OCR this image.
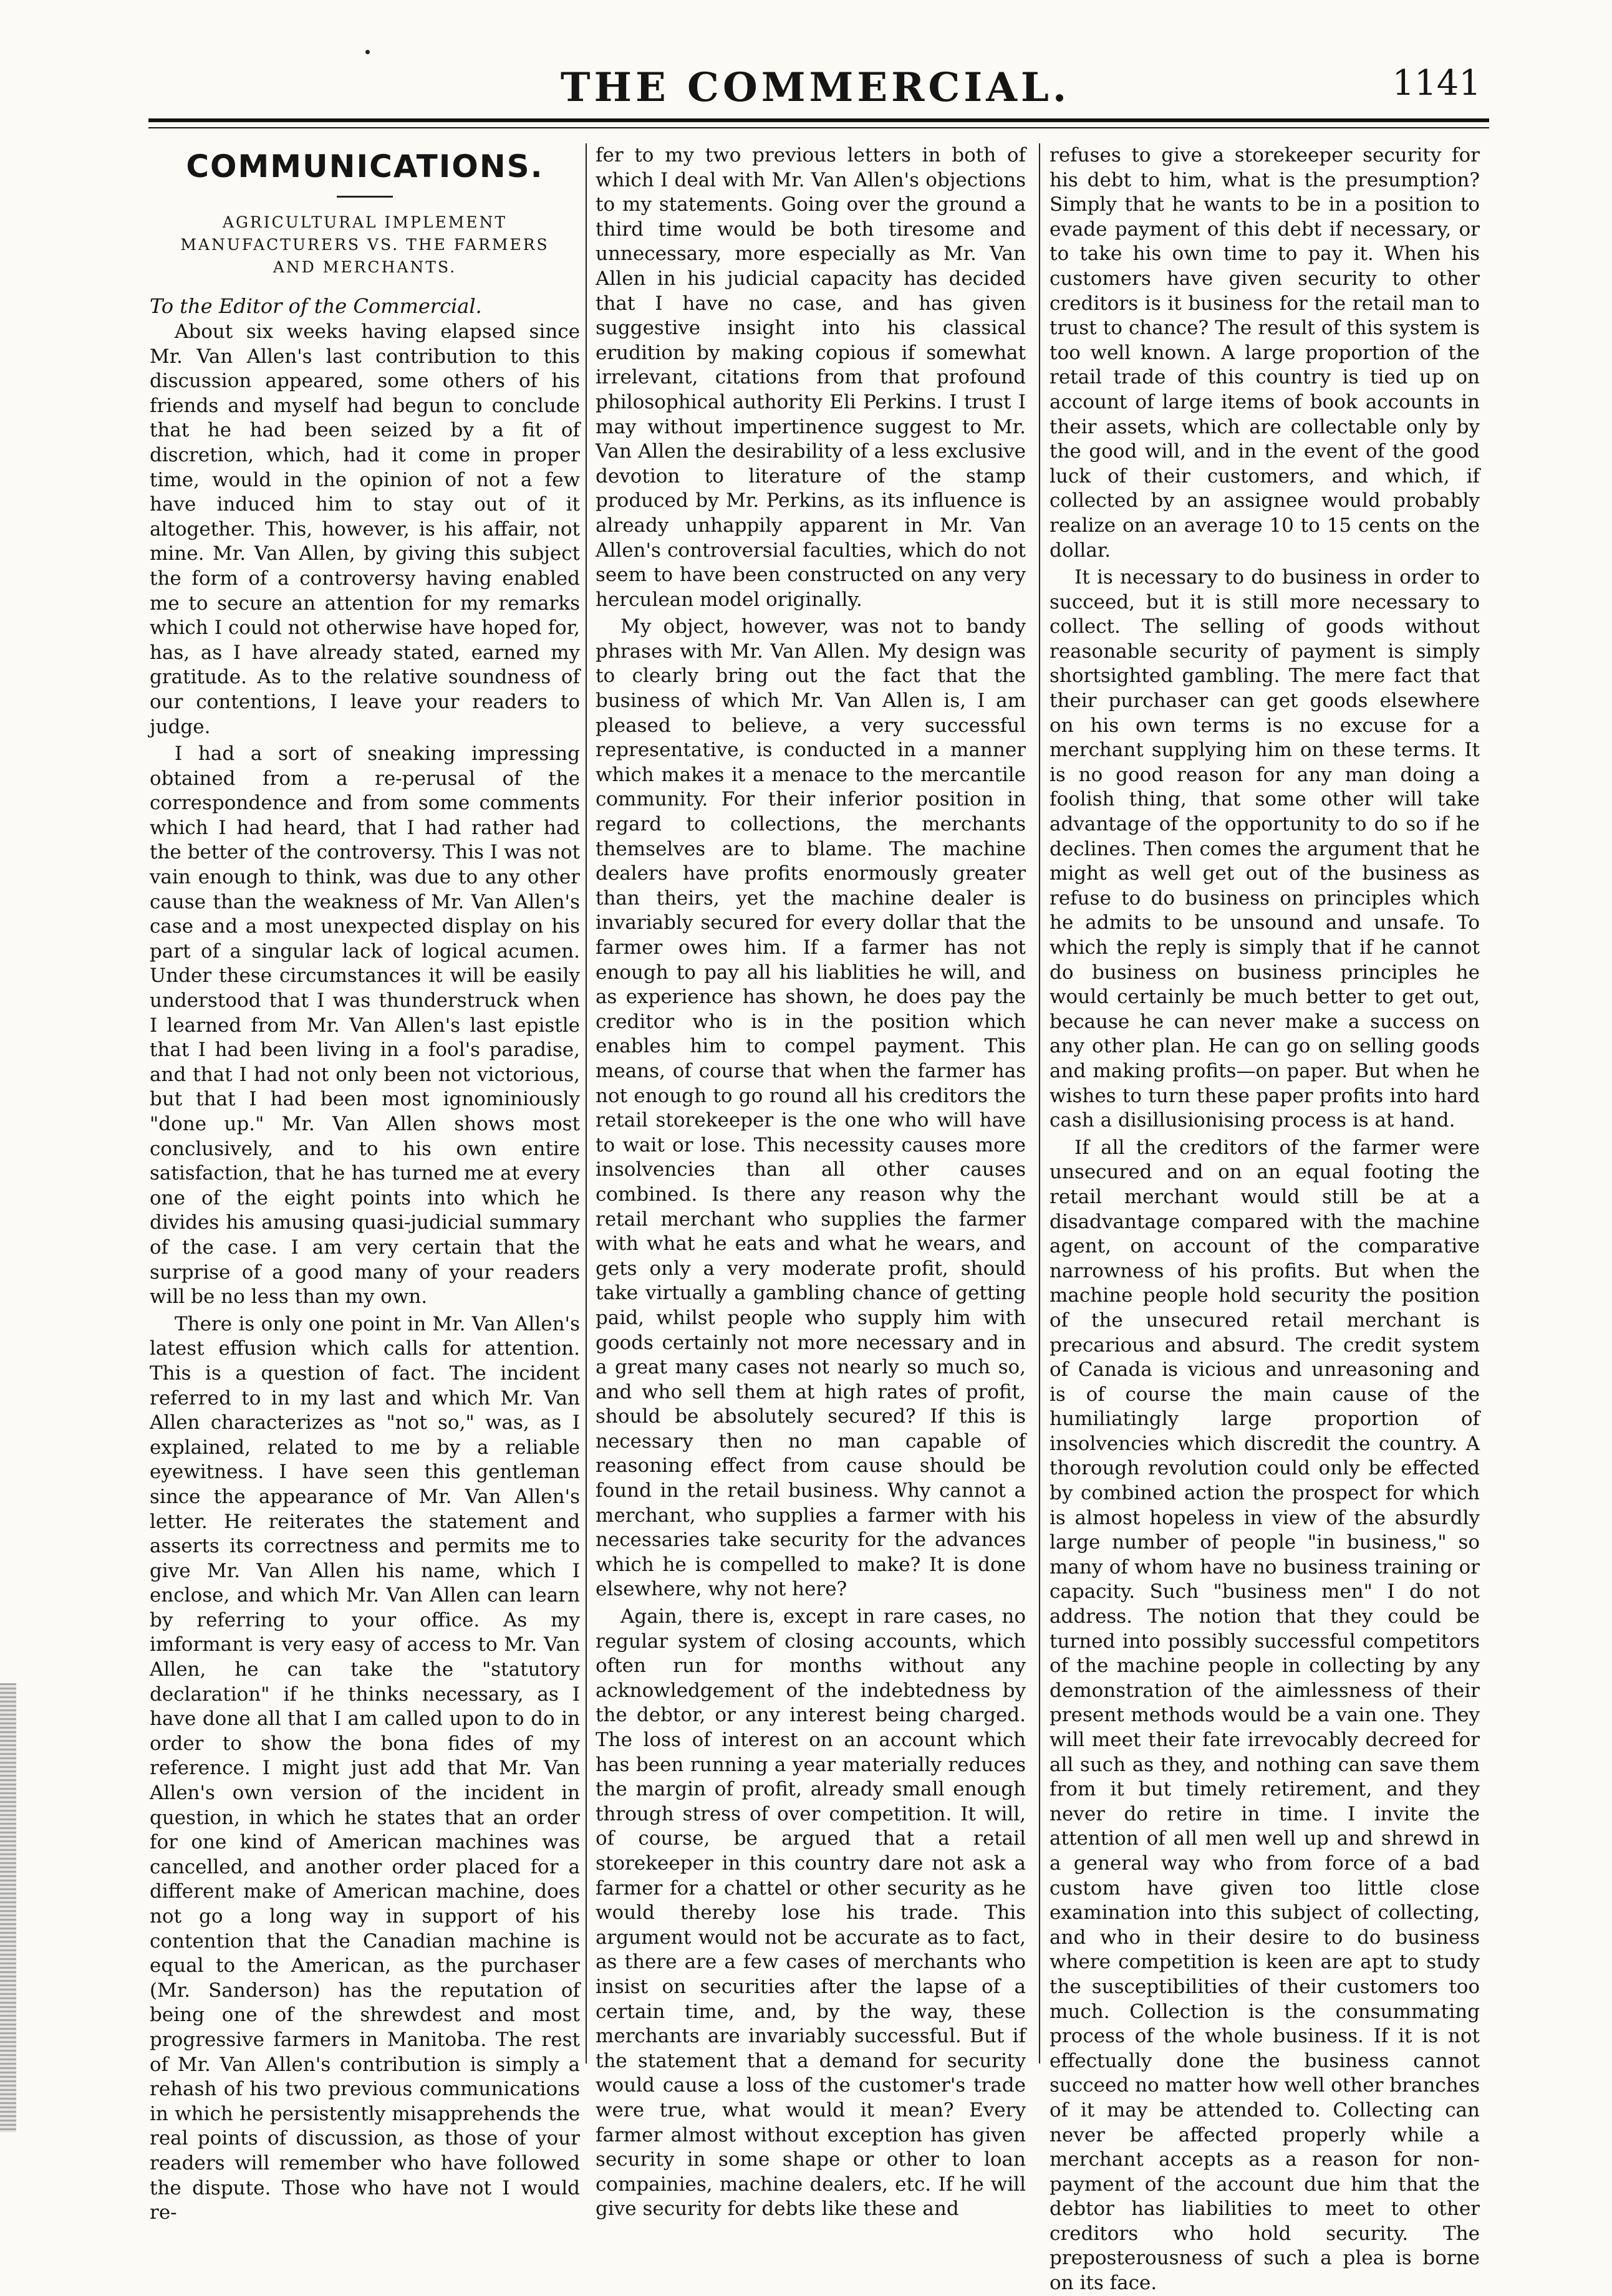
THE COMMERCIAL.	1141
COMMUNICATIONS.
AGRICULTURAL IMPLEMENT MANUFACTURERS VS. THE FARMERS AND MERCHANTS.
To the Editor of the Commercial.

About six weeks having elapsed since Mr. Van Allen's last contribution to this discussion appeared, some others of his friends and myself had begun to conclude that he had been seized by a fit of discretion, which, had it come in proper time, would in the opinion of not a few have induced him to stay out of it altogether. This, however, is his affair, not mine. Mr. Van Allen, by giving this subject the form of a controversy having enabled me to secure an attention for my remarks which I could not otherwise have hoped for, has, as I have already stated, earned my gratitude. As to the relative soundness of our contentions, I leave your readers to judge.

I had a sort of sneaking impressing obtained from a re-perusal of the correspondence and from some comments which I had heard, that I had rather had the better of the controversy. This I was not vain enough to think, was due to any other cause than the weakness of Mr. Van Allen's case and a most unexpected display on his part of a singular lack of logical acumen. Under these circumstances it will be easily understood that I was thunderstruck when I learned from Mr. Van Allen's last epistle that I had been living in a fool's paradise, and that I had not only been not victorious, but that I had been most ignominiously "done up." Mr. Van Allen shows most conclusively, and to his own entire satisfaction, that he has turned me at every one of the eight points into which he divides his amusing quasi-judicial summary of the case. I am very certain that the surprise of a good many of your readers will be no less than my own.

There is only one point in Mr. Van Allen's latest effusion which calls for attention. This is a question of fact. The incident referred to in my last and which Mr. Van Allen characterizes as "not so," was, as I explained, related to me by a reliable eyewitness. I have seen this gentleman since the appearance of Mr. Van Allen's letter. He reiterates the statement and asserts its correctness and permits me to give Mr. Van Allen his name, which I enclose, and which Mr. Van Allen can learn by referring to your office. As my imformant is very easy of access to Mr. Van Allen, he can take the "statutory declaration" if he thinks necessary, as I have done all that I am called upon to do in order to show the bona fides of my reference. I might just add that Mr. Van Allen's own version of the incident in question, in which he states that an order for one kind of American machines was cancelled, and another order placed for a different make of American machine, does not go a long way in support of his contention that the Canadian machine is equal to the American, as the purchaser (Mr. Sanderson) has the reputation of being one of the shrewdest and most progressive farmers in Manitoba. The rest of Mr. Van Allen's contribution is simply a rehash of his two previous communications in which he persistently misapprehends the real points of discussion, as those of your readers will remember who have followed the dispute. Those who have not I would re-

fer to my two previous letters in both of which I deal with Mr. Van Allen's objections to my statements. Going over the ground a third time would be both tiresome and unnecessary, more especially as Mr. Van Allen in his judicial capacity has decided that I have no case, and has given suggestive insight into his classical erudition by making copious if somewhat irrelevant, citations from that profound philosophical authority Eli Perkins. I trust I may without impertinence suggest to Mr. Van Allen the desirability of a less exclusive devotion to literature of the stamp produced by Mr. Perkins, as its influence is already unhappily apparent in Mr. Van Allen's controversial faculties, which do not seem to have been constructed on any very herculean model originally.

My object, however, was not to bandy phrases with Mr. Van Allen. My design was to clearly bring out the fact that the business of which Mr. Van Allen is, I am pleased to believe, a very successful representative, is conducted in a manner which makes it a menace to the mercantile community. For their inferior position in regard to collections, the merchants themselves are to blame. The machine dealers have profits enormously greater than theirs, yet the machine dealer is invariably secured for every dollar that the farmer owes him. If a farmer has not enough to pay all his liablities he will, and as experience has shown, he does pay the creditor who is in the position which enables him to compel payment. This means, of course that when the farmer has not enough to go round all his creditors the retail storekeeper is the one who will have to wait or lose. This necessity causes more insolvencies than all other causes combined. Is there any reason why the retail merchant who supplies the farmer with what he eats and what he wears, and gets only a very moderate profit, should take virtually a gambling chance of getting paid, whilst people who supply him with goods certainly not more necessary and in a great many cases not nearly so much so, and who sell them at high rates of profit, should be absolutely secured? If this is necessary then no man capable of reasoning effect from cause should be found in the retail business. Why cannot a merchant, who supplies a farmer with his necessaries take security for the advances which he is compelled to make? It is done elsewhere, why not here?

Again, there is, except in rare cases, no regular system of closing accounts, which often run for months without any acknowledgement of the indebtedness by the debtor, or any interest being charged. The loss of interest on an account which has been running a year materially reduces the margin of profit, already small enough through stress of over competition. It will, of course, be argued that a retail storekeeper in this country dare not ask a farmer for a chattel or other security as he would thereby lose his trade. This argument would not be accurate as to fact, as there are a few cases of merchants who insist on securities after the lapse of a certain time, and, by the way, these merchants are invariably successful. But if the statement that a demand for security would cause a loss of the customer's trade were true, what would it mean? Every farmer almost without exception has given security in some shape or other to loan compainies, machine dealers, etc. If he will give security for debts like these and

refuses to give a storekeeper security for his debt to him, what is the presumption? Simply that he wants to be in a position to evade payment of this debt if necessary, or to take his own time to pay it. When his customers have given security to other creditors is it business for the retail man to trust to chance? The result of this system is too well known. A large proportion of the retail trade of this country is tied up on account of large items of book accounts in their assets, which are collectable only by the good will, and in the event of the good luck of their customers, and which, if collected by an assignee would probably realize on an average 10 to 15 cents on the dollar.

It is necessary to do business in order to succeed, but it is still more necessary to collect. The selling of goods without reasonable security of payment is simply shortsighted gambling. The mere fact that their purchaser can get goods elsewhere on his own terms is no excuse for a merchant supplying him on these terms. It is no good reason for any man doing a foolish thing, that some other will take advantage of the opportunity to do so if he declines. Then comes the argument that he might as well get out of the business as refuse to do business on principles which he admits to be unsound and unsafe. To which the reply is simply that if he cannot do business on business principles he would certainly be much better to get out, because he can never make a success on any other plan. He can go on selling goods and making profits—on paper. But when he wishes to turn these paper profits into hard cash a disillusionising process is at hand.

If all the creditors of the farmer were unsecured and on an equal footing the retail merchant would still be at a disadvantage compared with the machine agent, on account of the comparative narrowness of his profits. But when the machine people hold security the position of the unsecured retail merchant is precarious and absurd. The credit system of Canada is vicious and unreasoning and is of course the main cause of the humiliatingly large proportion of insolvencies which discredit the country. A thorough revolution could only be effected by combined action the prospect for which is almost hopeless in view of the absurdly large number of people "in business," so many of whom have no business training or capacity. Such "business men" I do not address. The notion that they could be turned into possibly successful competitors of the machine people in collecting by any demonstration of the aimlessness of their present methods would be a vain one. They will meet their fate irrevocably decreed for all such as they, and nothing can save them from it but timely retirement, and they never do retire in time. I invite the attention of all men well up and shrewd in a general way who from force of a bad custom have given too little close examination into this subject of collecting, and who in their desire to do business where competition is keen are apt to study the susceptibilities of their customers too much. Collection is the consummating process of the whole business. If it is not effectually done the business cannot succeed no matter how well other branches of it may be attended to. Collecting can never be affected properly while a merchant accepts as a reason for non-payment of the account due him that the debtor has liabilities to meet to other creditors who hold security. The preposterousness of such a plea is borne on its face.
